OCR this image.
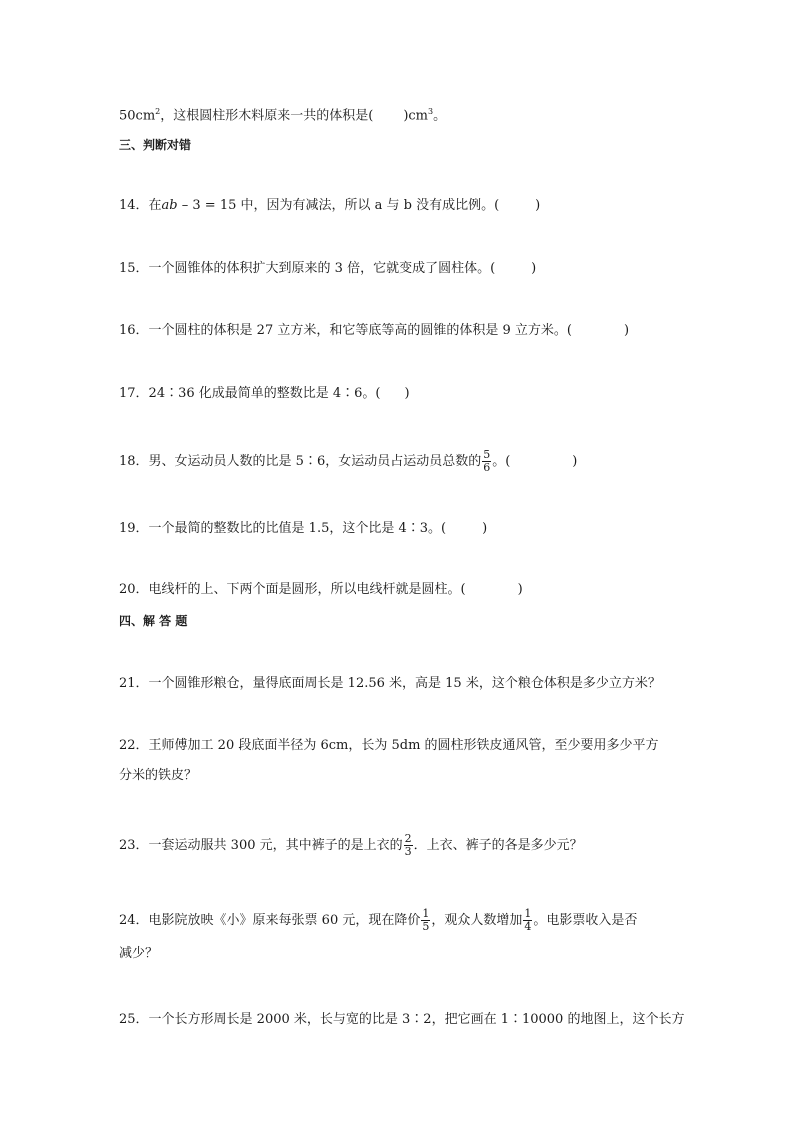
$50cm^2$，这根圆柱形木料原来一共的体积是( )$cm^3$。
三、判断对错
14．在ab – 3 = 15 中，因为有减法，所以 a 与 b 没有成比例。(	)
15．一个圆锥体的体积扩大到原来的 3 倍，它就变成了圆柱体。(	)
16．一个圆柱的体积是 27 立方米，和它等底等高的圆锥的体积是 9 立方米。(	)
17．24∶36 化成最简单的整数比是 4∶6。( )
18．男、女运动员人数的比是 5∶6，女运动员占运动员总数的 $\frac{5}{6}$ 。(	)
19．一个最简的整数比的比值是 1.5，这个比是 4∶3。(	)
20．电线杆的上、下两个面是圆形，所以电线杆就是圆柱。(	)
四、解 答 题
21．一个圆锥形粮仓，量得底面周长是 12.56 米，高是 15 米，这个粮仓体积是多少立方米？
22．王师傅加工 20 段底面半径为 6cm，长为 5dm 的圆柱形铁皮通风管，至少要用多少平方
分米的铁皮？
23．一套运动服共 300 元，其中裤子的是上衣的 $\frac{2}{3}$ ．上衣、裤子的各是多少元？
24．电影院放映《小》原来每张票 60 元，现在降价 $\frac{1}{5}$ ，观众人数增加 $\frac{1}{4}$ 。电影票收入是否
减少？
25．一个长方形周长是 2000 米，长与宽的比是 3∶2，把它画在 1∶10000 的地图上，这个长方
